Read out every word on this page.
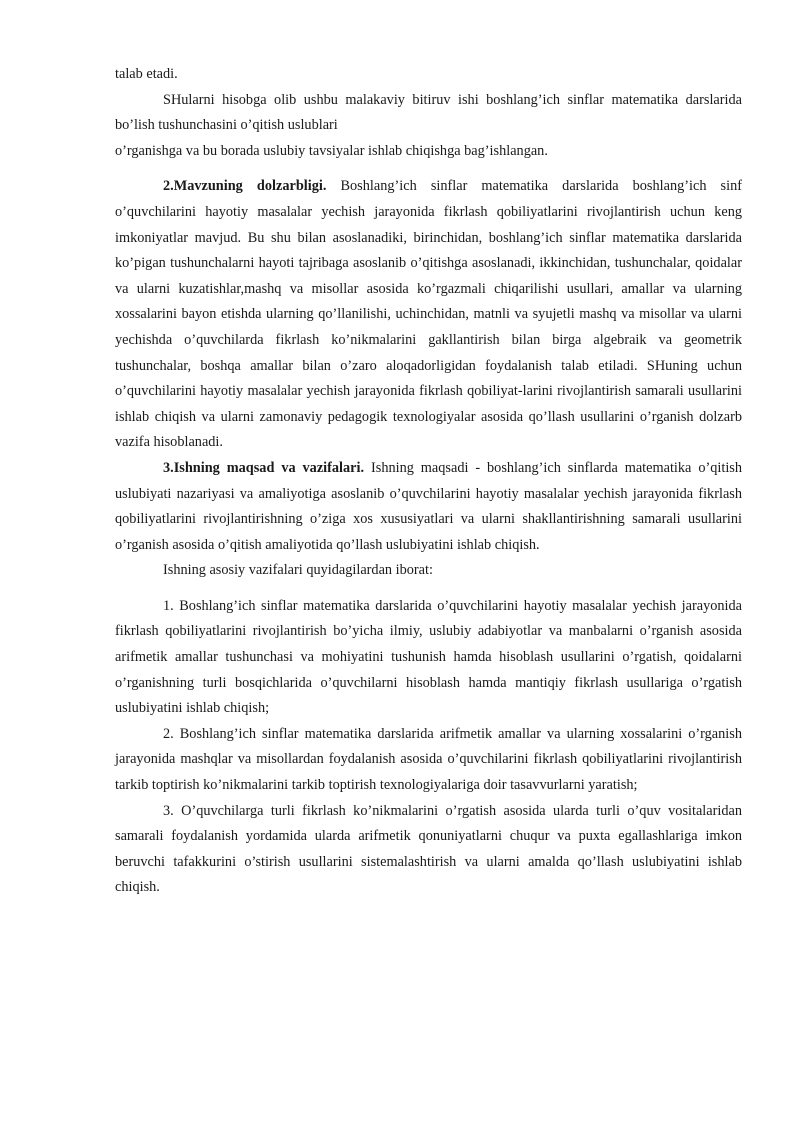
talab etadi.

SHularni hisobga olib ushbu malakaviy bitiruv ishi boshlang’ich sinflar matematika darslarida bo’lish tushunchasini o’qitish uslublari

o’rganishga va bu borada uslubiy tavsiyalar ishlab chiqishga bag’ishlangan.

2.Mavzuning dolzarbligi. Boshlang’ich sinflar matematika darslarida boshlang’ich sinf o’quvchilarini hayotiy masalalar yechish jarayonida fikrlash qobiliyatlarini rivojlantirish uchun keng imkoniyatlar mavjud. Bu shu bilan asoslanadiki, birinchidan, boshlang’ich sinflar matematika darslarida ko’pigan tushunchalarni hayoti tajribaga asoslanib o’qitishga asoslanadi, ikkinchidan, tushunchalar, qoidalar va ularni kuzatishlar,mashq va misollar asosida ko’rgazmali chiqarilishi usullari, amallar va ularning xossalarini bayon etishda ularning qo’llanilishi, uchinchidan, matnli va syujetli mashq va misollar va ularni yechishda o’quvchilarda fikrlash ko’nikmalarini gakllantirish bilan birga algebraik va geometrik tushunchalar, boshqa amallar bilan o’zaro aloqadorligidan foydalanish talab etiladi. SHuning uchun o’quvchilarini hayotiy masalalar yechish jarayonida fikrlash qobiliyat-larini rivojlantirish samarali usullarini ishlab chiqish va ularni zamonaviy pedagogik texnologiyalar asosida qo’llash usullarini o’rganish dolzarb vazifa hisoblanadi.

3.Ishning maqsad va vazifalari. Ishning maqsadi - boshlang’ich sinflarda matematika o’qitish uslubiyati nazariyasi va amaliyotiga asoslanib o’quvchilarini hayotiy masalalar yechish jarayonida fikrlash qobiliyatlarini rivojlantirishning o’ziga xos xususiyatlari va ularni shakllantirishning samarali usullarini o’rganish asosida o’qitish amaliyotida qo’llash uslubiyatini ishlab chiqish.

Ishning asosiy vazifalari quyidagilardan iborat:

1. Boshlang’ich sinflar matematika darslarida o’quvchilarini hayotiy masalalar yechish jarayonida fikrlash qobiliyatlarini rivojlantirish bo’yicha ilmiy, uslubiy adabiyotlar va manbalarni o’rganish asosida arifmetik amallar tushunchasi va mohiyatini tushunish hamda hisoblash usullarini o’rgatish, qoidalarni o’rganishning turli bosqichlarida o’quvchilarni hisoblash hamda mantiqiy fikrlash usullariga o’rgatish uslubiyatini ishlab chiqish;

2. Boshlang’ich sinflar matematika darslarida arifmetik amallar va ularning xossalarini o’rganish jarayonida mashqlar va misollardan foydalanish asosida o’quvchilarini fikrlash qobiliyatlarini rivojlantirish tarkib toptirish ko’nikmalarini tarkib toptirish texnologiyalariga doir tasavvurlarni yaratish;

3. O’quvchilarga turli fikrlash ko’nikmalarini o’rgatish asosida ularda turli o’quv vositalaridan samarali foydalanish yordamida ularda arifmetik qonuniyatlarni chuqur va puxta egallashlariga imkon beruvchi tafakkurini o’stirish usullarini sistemalashtirish va ularni amalda qo’llash uslubiyatini ishlab chiqish.
